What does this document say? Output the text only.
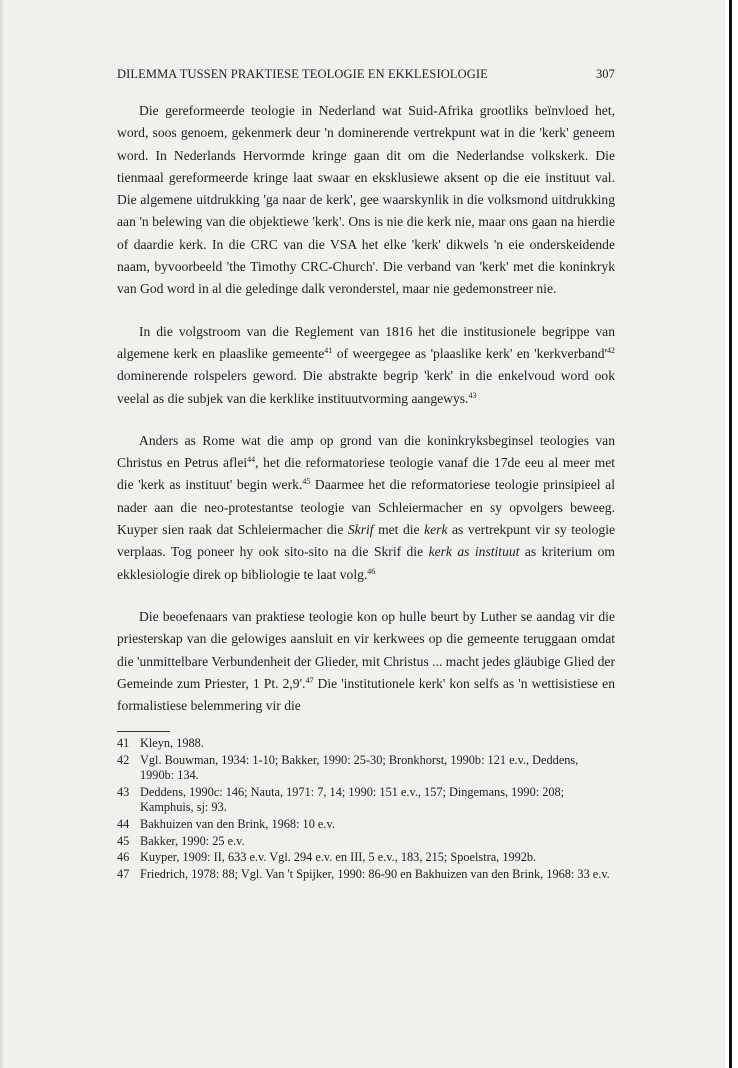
DILEMMA TUSSEN PRAKTIESE TEOLOGIE EN EKKLESIOLOGIE	307

Die gereformeerde teologie in Nederland wat Suid-Afrika grootliks beïnvloed het, word, soos genoem, gekenmerk deur 'n dominerende vertrekpunt wat in die 'kerk' geneem word. In Nederlands Hervormde kringe gaan dit om die Nederlandse volkskerk. Die tienmaal gereformeerde kringe laat swaar en eksklusiewe aksent op die eie instituut val. Die algemene uitdrukking 'ga naar de kerk', gee waarskynlik in die volksmond uitdrukking aan 'n belewing van die objektiewe 'kerk'. Ons is nie die kerk nie, maar ons gaan na hierdie of daardie kerk. In die CRC van die VSA het elke 'kerk' dikwels 'n eie onderskeidende naam, byvoorbeeld 'the Timothy CRC-Church'. Die verband van 'kerk' met die koninkryk van God word in al die geledinge dalk veronderstel, maar nie gedemonstreer nie.

In die volgstroom van die Reglement van 1816 het die institusionele begrippe van algemene kerk en plaaslike gemeente$^{41}$ of weergegee as 'plaaslike kerk' en '$kerkverband'^{42}$ dominerende rolspelers geword. Die abstrakte begrip 'kerk' in die enkelvoud word ook veelal as die subjek van die kerklike instituutvorming aangewys.$^{43}$

Anders as Rome wat die amp op grond van die koninkryksbeginsel teologies van Christus en Petrus aflei$^{44}$, het die reformatoriese teologie vanaf die 17de eeu al meer met die 'kerk as instituut' begin werk.$^{45}$ Daarmee het die reformatoriese teologie prinsipieel al nader aan die neo-protestantse teologie van Schleiermacher en sy opvolgers beweeg. Kuyper sien raak dat Schleiermacher die Skrif met die kerk as vertrekpunt vir sy teologie verplaas. Tog poneer hy ook sito-sito na die Skrif die kerk as instituut as kriterium om ekklesiologie direk op bibliologie te laat volg.$^{46}$

Die beoefenaars van praktiese teologie kon op hulle beurt by Luther se aandag vir die priesterskap van die gelowiges aansluit en vir kerkwees op die gemeente teruggaan omdat die 'unmittelbare Verbundenheit der Glieder, mit Christus ... macht jedes gläubige Glied der Gemeinde zum Priester, 1 Pt. 2,9'.$^{47}$ Die 'institutionele kerk' kon selfs as 'n wettisistiese en formalistiese belemmering vir die

41 Kleyn, 1988.
42 Vgl. Bouwman, 1934: 1-10; Bakker, 1990: 25-30; Bronkhorst, 1990b: 121 e.v., Deddens, 1990b: 134.
43 Deddens, 1990c: 146; Nauta, 1971: 7, 14; 1990: 151 e.v., 157; Dingemans, 1990: 208; Kamphuis, sj: 93.
44 Bakhuizen van den Brink, 1968: 10 e.v.
45 Bakker, 1990: 25 e.v.
46 Kuyper, 1909: II, 633 e.v. Vgl. 294 e.v. en III, 5 e.v., 183, 215; Spoelstra, 1992b.
47 Friedrich, 1978: 88; Vgl. Van 't Spijker, 1990: 86-90 en Bakhuizen van den Brink, 1968: 33 e.v.
